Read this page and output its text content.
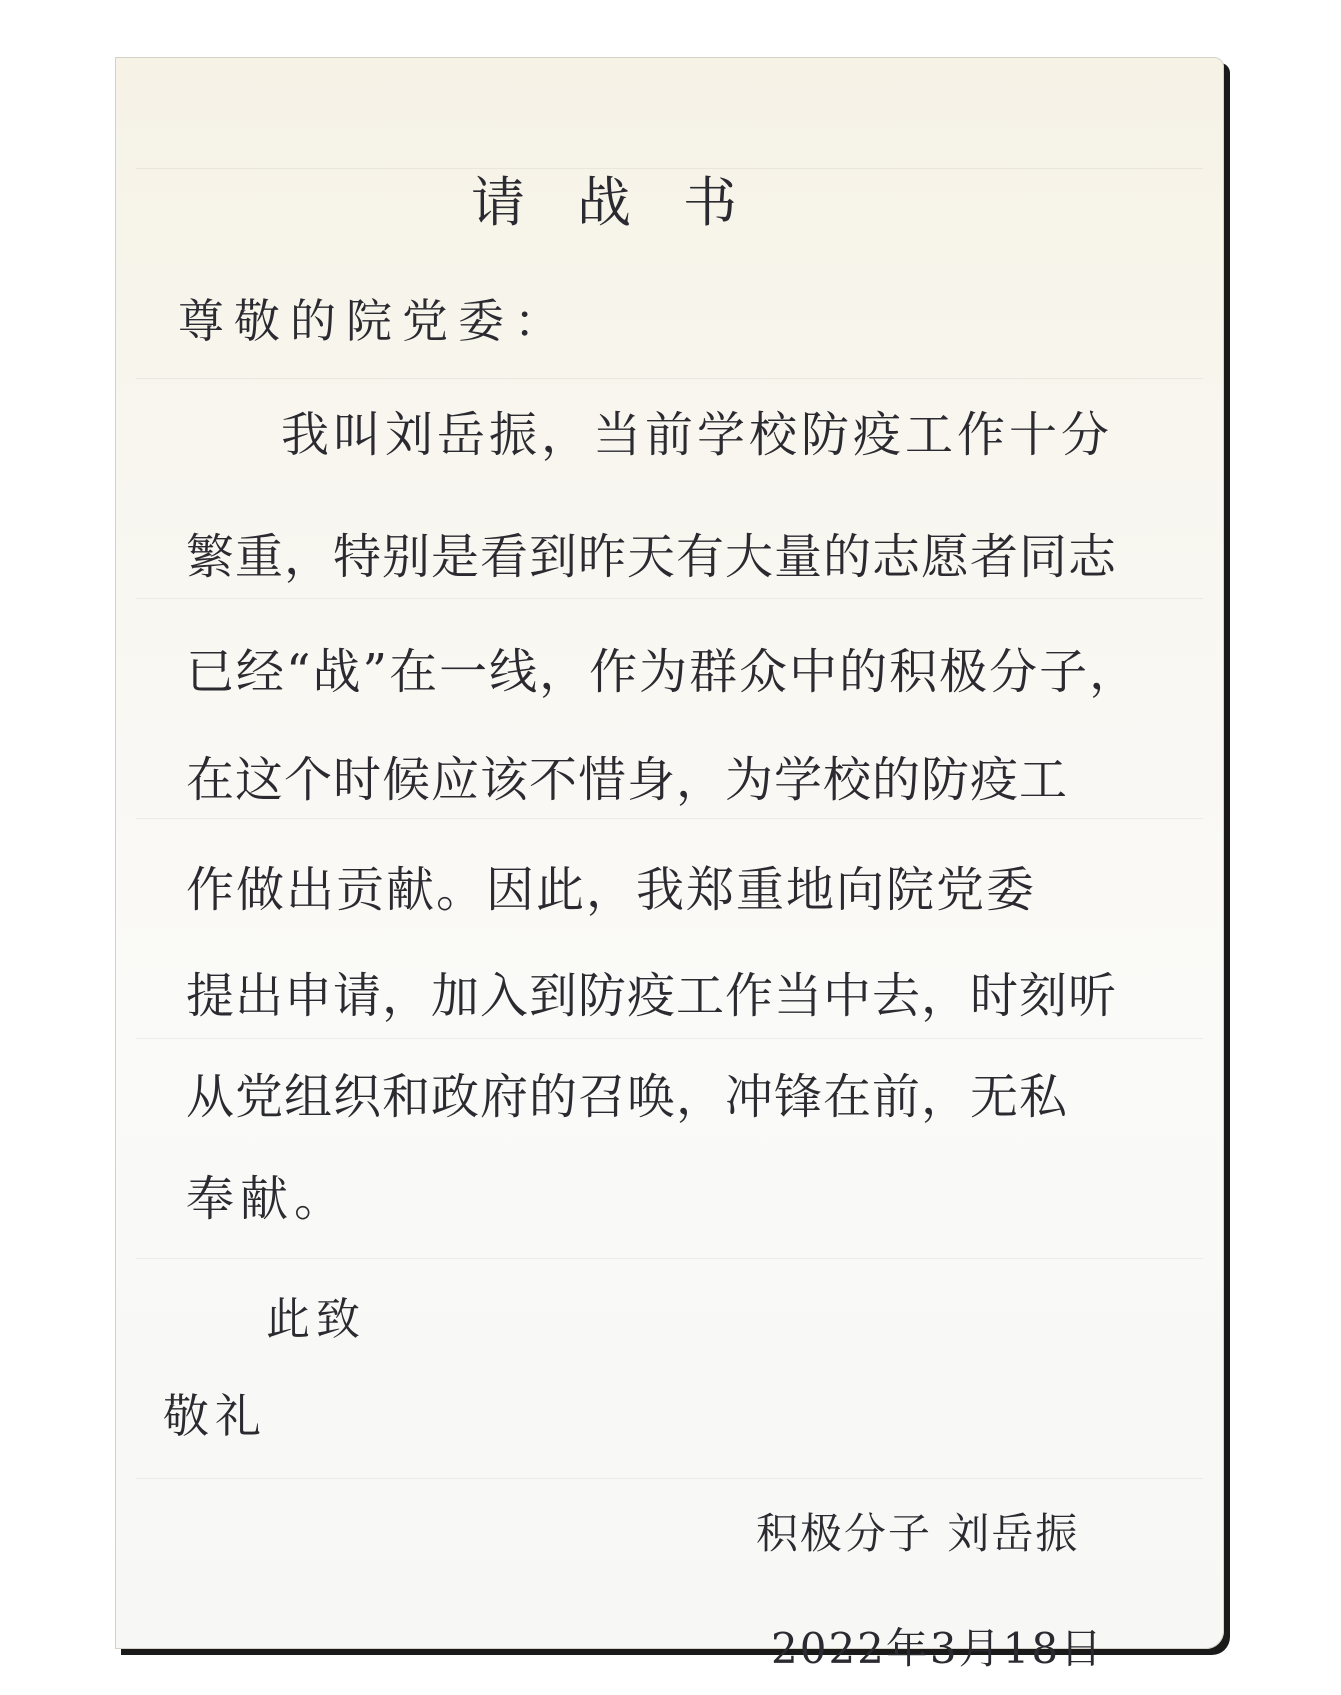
请战书
尊敬的院党委：
我叫刘岳振，当前学校防疫工作十分
繁重，特别是看到昨天有大量的志愿者同志
已经“战”在一线，作为群众中的积极分子，
在这个时候应该不惜身，为学校的防疫工
作做出贡献。因此，我郑重地向院党委
提出申请，加入到防疫工作当中去，时刻听
从党组织和政府的召唤，冲锋在前，无私
奉献。
此致
敬礼
积极分子 刘岳振
2022年3月18日
